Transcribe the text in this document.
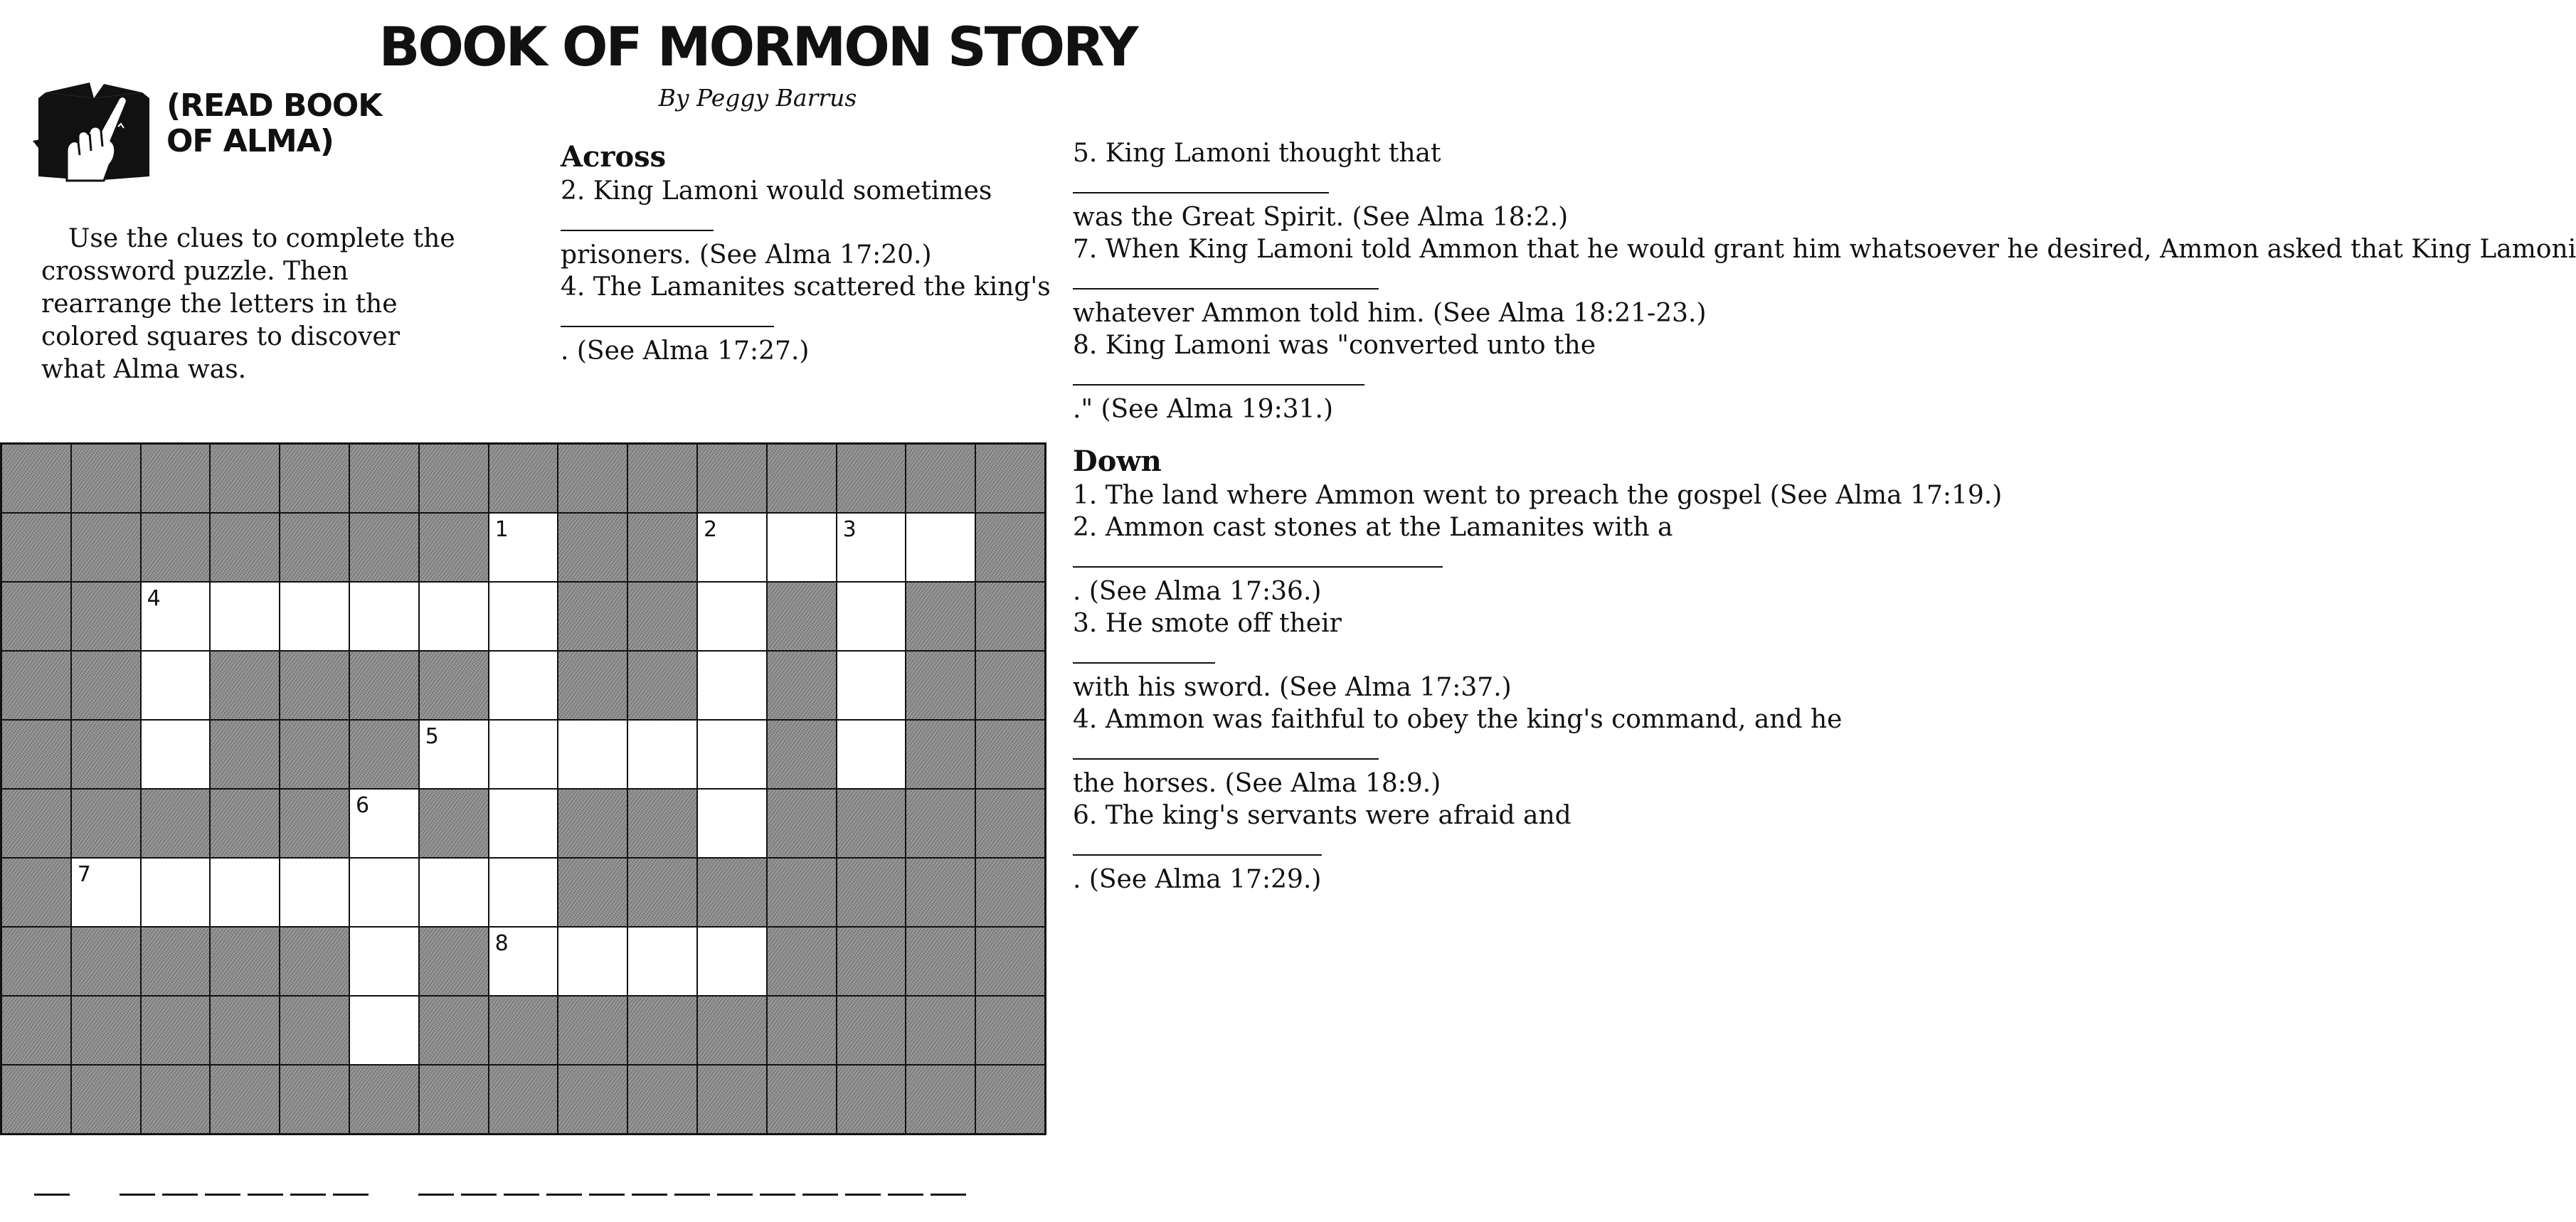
BOOK OF MORMON STORY
By Peggy Barrus
(READ BOOK OF ALMA)
Use the clues to complete the crossword puzzle. Then rearrange the letters in the colored squares to discover what Alma was.
Across

2. King Lamoni would sometimes

prisoners. (See Alma 17:20.)

4. The Lamanites scattered the king's

. (See Alma 17:27.)

5. King Lamoni thought that

was the Great Spirit. (See Alma 18:2.)

7. When King Lamoni told Ammon that he would grant him whatsoever he desired, Ammon asked that King Lamoni

whatever Ammon told him. (See Alma 18:21-23.)

8. King Lamoni was "converted unto the

." (See Alma 19:31.)

Down

1. The land where Ammon went to preach the gospel (See Alma 17:19.)

2. Ammon cast stones at the Lamanites with a

. (See Alma 17:36.)

3. He smote off their

with his sword. (See Alma 17:37.)

4. Ammon was faithful to obey the king's command, and he

the horses. (See Alma 18:9.)

6. The king's servants were afraid and

. (See Alma 17:29.)

1	2	3
4
5
6
7
8
